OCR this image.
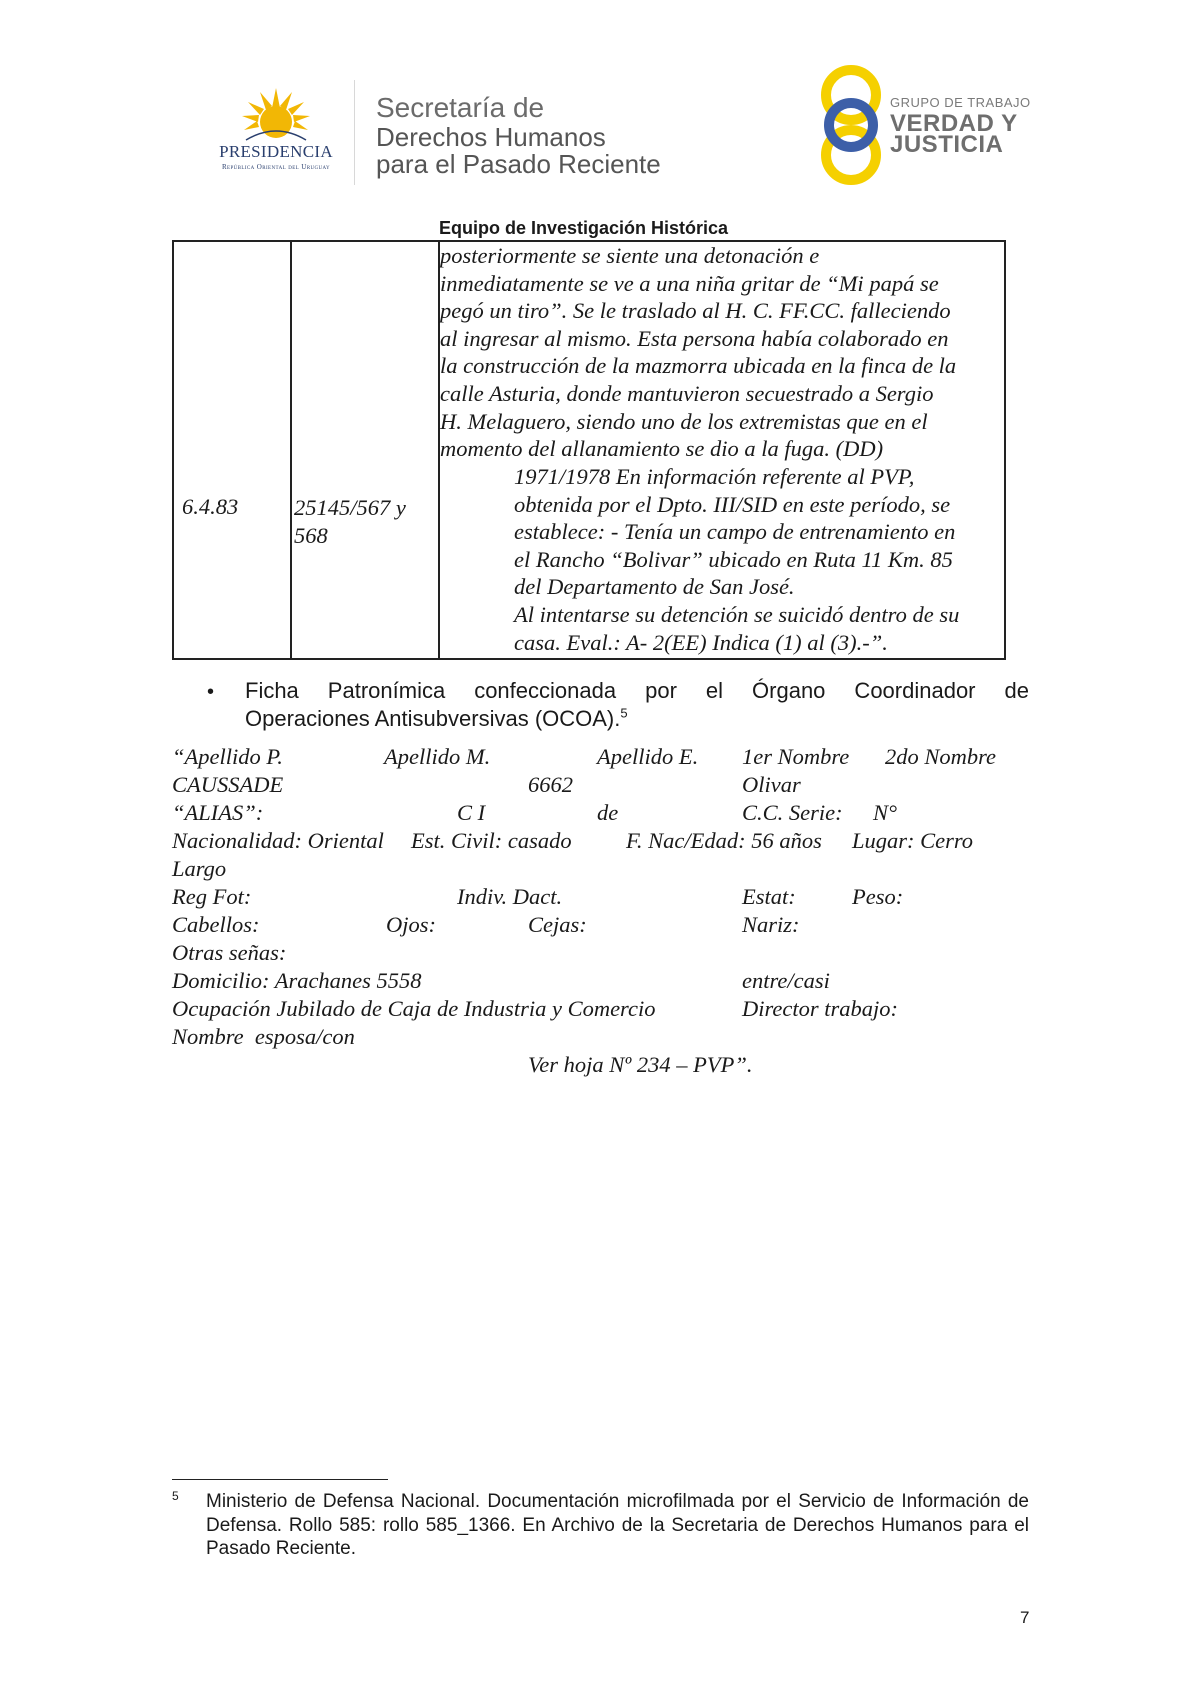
PRESIDENCIA
República Oriental del Uruguay
Secretaría de
Derechos Humanos
para el Pasado Reciente
GRUPO DE TRABAJO
VERDAD Y
JUSTICIA
Equipo de Investigación Histórica
6.4.83 25145/567 y
568
posteriormente se siente una detonación e
inmediatamente se ve a una niña gritar de “Mi papá se
pegó un tiro”. Se le traslado al H. C. FF.CC. falleciendo
al ingresar al mismo. Esta persona había colaborado en
la construcción de la mazmorra ubicada en la finca de la
calle Asturia, donde mantuvieron secuestrado a Sergio
H. Melaguero, siendo uno de los extremistas que en el
momento del allanamiento se dio a la fuga. (DD)
1971/1978 En información referente al PVP,
obtenida por el Dpto. III/SID en este período, se
establece: - Tenía un campo de entrenamiento en
el Rancho “Bolivar” ubicado en Ruta 11 Km. 85
del Departamento de San José.
Al intentarse su detención se suicidó dentro de su
casa. Eval.: A- 2(EE) Indica (1) al (3).-”.
• Ficha Patronímica confeccionada por el Órgano Coordinador de
Operaciones Antisubversivas (OCOA).$^5$
“Apellido P.	Apellido M.	Apellido E. 1er Nombre 2do Nombre
CAUSSADE	6662	Olivar
“ALIAS”:	C I	de	C.C. Serie: N°
Nacionalidad: Oriental Est. Civil: casado F. Nac/Edad: 56 años Lugar: Cerro
Largo
Reg Fot:	Indiv. Dact.	Estat:	Peso:
Cabellos:	Ojos:	Cejas:	Nariz:
Otras señas:
Domicilio: Arachanes 5558	entre/casi
Ocupación Jubilado de Caja de Industria y Comercio	Director trabajo:
Nombre  esposa/con
Ver hoja Nº 234 – PVP”.
5 Ministerio de Defensa Nacional. Documentación microfilmada por el Servicio de Información de Defensa. Rollo 585: rollo 585_1366. En Archivo de la Secretaria de Derechos Humanos para el Pasado Reciente.
7
